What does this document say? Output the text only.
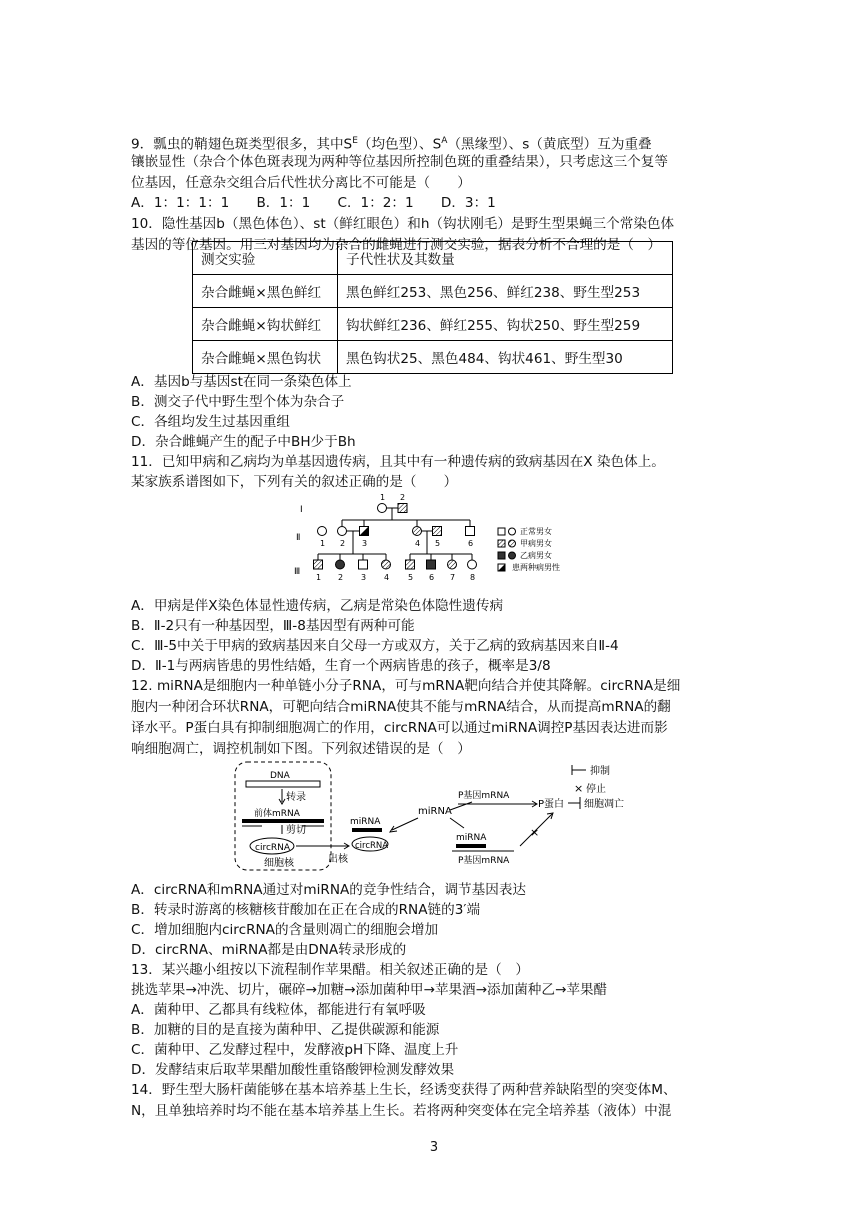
9．瓢虫的鞘翅色斑类型很多，其中$S^E$（均色型）、$S^A$（黑缘型）、s（黄底型）互为重叠
镶嵌显性（杂合个体色斑表现为两种等位基因所控制色斑的重叠结果），只考虑这三个复等
位基因，任意杂交组合后代性状分离比不可能是（　　）
A．1：1：1：1　　B．1：1　　C．1：2：1　　D．3：1
10．隐性基因b（黑色体色）、st（鲜红眼色）和h（钩状刚毛）是野生型果蝇三个常染色体
基因的等位基因。用三对基因均为杂合的雌蝇进行测交实验，据表分析不合理的是（　）
测交实验	子代性状及其数量
杂合雌蝇×黑色鲜红	黑色鲜红253、黑色256、鲜红238、野生型253
杂合雌蝇×钩状鲜红	钩状鲜红236、鲜红255、钩状250、野生型259
杂合雌蝇×黑色钩状	黑色钩状25、黑色484、钩状461、野生型30
A．基因b与基因st在同一条染色体上
B．测交子代中野生型个体为杂合子
C．各组均发生过基因重组
D．杂合雌蝇产生的配子中BH少于Bh
11．已知甲病和乙病均为单基因遗传病，且其中有一种遗传病的致病基因在X 染色体上。
某家族系谱图如下，下列有关的叙述正确的是（　　）
I
Ⅱ
Ⅲ
1 2
1 2 3	4 5	6
1 2 3 4 5 6 7 8
正常男女
甲病男女
乙病男女
患两种病男性
A．甲病是伴X染色体显性遗传病，乙病是常染色体隐性遗传病
B．Ⅱ-2只有一种基因型，Ⅲ-8基因型有两种可能
C．Ⅲ-5中关于甲病的致病基因来自父母一方或双方，关于乙病的致病基因来自Ⅱ-4
D．Ⅱ-1与两病皆患的男性结婚，生育一个两病皆患的孩子，概率是3/8
12. miRNA是细胞内一种单链小分子RNA，可与mRNA靶向结合并使其降解。circRNA是细
胞内一种闭合环状RNA，可靶向结合miRNA使其不能与mRNA结合，从而提高mRNA的翻
译水平。P蛋白具有抑制细胞凋亡的作用，circRNA可以通过miRNA调控P基因表达进而影
响细胞凋亡，调控机制如下图。下列叙述错误的是（　）
DNA
转录
前体mRNA
剪切
circRNA
细胞核	出核
miRNA
circRNA
miRNA
P基因mRNA
P蛋白 细胞凋亡
miRNA
P基因mRNA
×
抑制
× 停止
A．circRNA和mRNA通过对miRNA的竞争性结合，调节基因表达
B．转录时游离的核糖核苷酸加在正在合成的RNA链的3′端
C．增加细胞内circRNA的含量则凋亡的细胞会增加
D．circRNA、miRNA都是由DNA转录形成的
13．某兴趣小组按以下流程制作苹果醋。相关叙述正确的是（　）
挑选苹果→冲洗、切片，碾碎→加糖→添加菌种甲→苹果酒→添加菌种乙→苹果醋
A．菌种甲、乙都具有线粒体，都能进行有氧呼吸
B．加糖的目的是直接为菌种甲、乙提供碳源和能源
C．菌种甲、乙发酵过程中，发酵液pH下降、温度上升
D．发酵结束后取苹果醋加酸性重铬酸钾检测发酵效果
14．野生型大肠杆菌能够在基本培养基上生长，经诱变获得了两种营养缺陷型的突变体M、
N，且单独培养时均不能在基本培养基上生长。若将两种突变体在完全培养基（液体）中混
3
